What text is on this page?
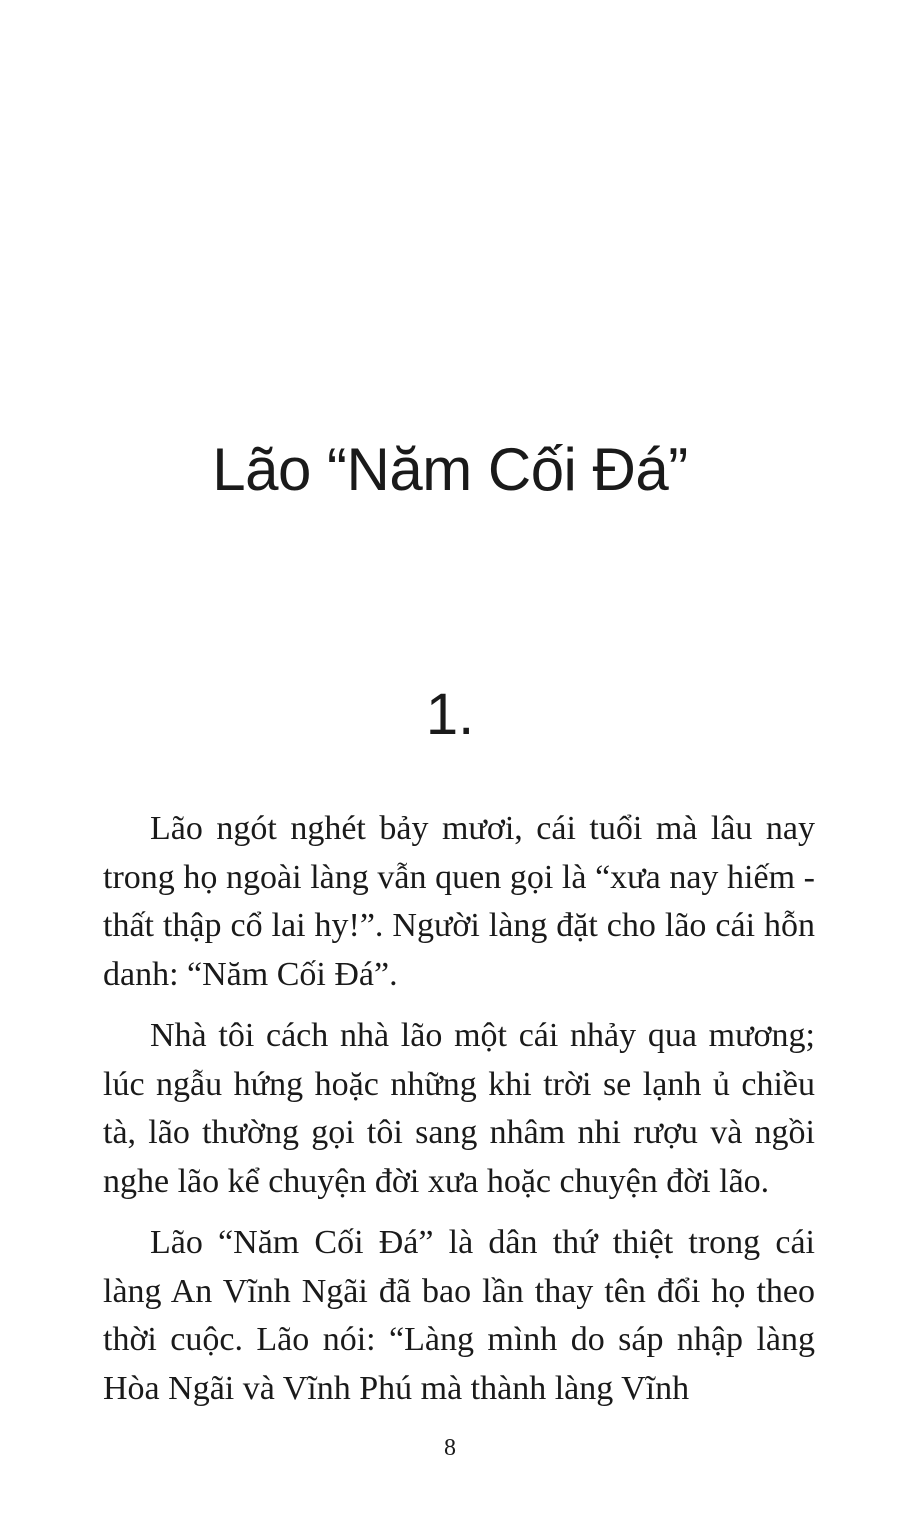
Lão “Năm Cối Đá”
1.

Lão ngót nghét bảy mươi, cái tuổi mà lâu nay trong họ ngoài làng vẫn quen gọi là “xưa nay hiếm - thất thập cổ lai hy!”. Người làng đặt cho lão cái hỗn danh: “Năm Cối Đá”.

Nhà tôi cách nhà lão một cái nhảy qua mương; lúc ngẫu hứng hoặc những khi trời se lạnh ủ chiều tà, lão thường gọi tôi sang nhâm nhi rượu và ngồi nghe lão kể chuyện đời xưa hoặc chuyện đời lão.

Lão “Năm Cối Đá” là dân thứ thiệt trong cái làng An Vĩnh Ngãi đã bao lần thay tên đổi họ theo thời cuộc. Lão nói: “Làng mình do sáp nhập làng Hòa Ngãi và Vĩnh Phú mà thành làng Vĩnh

8
